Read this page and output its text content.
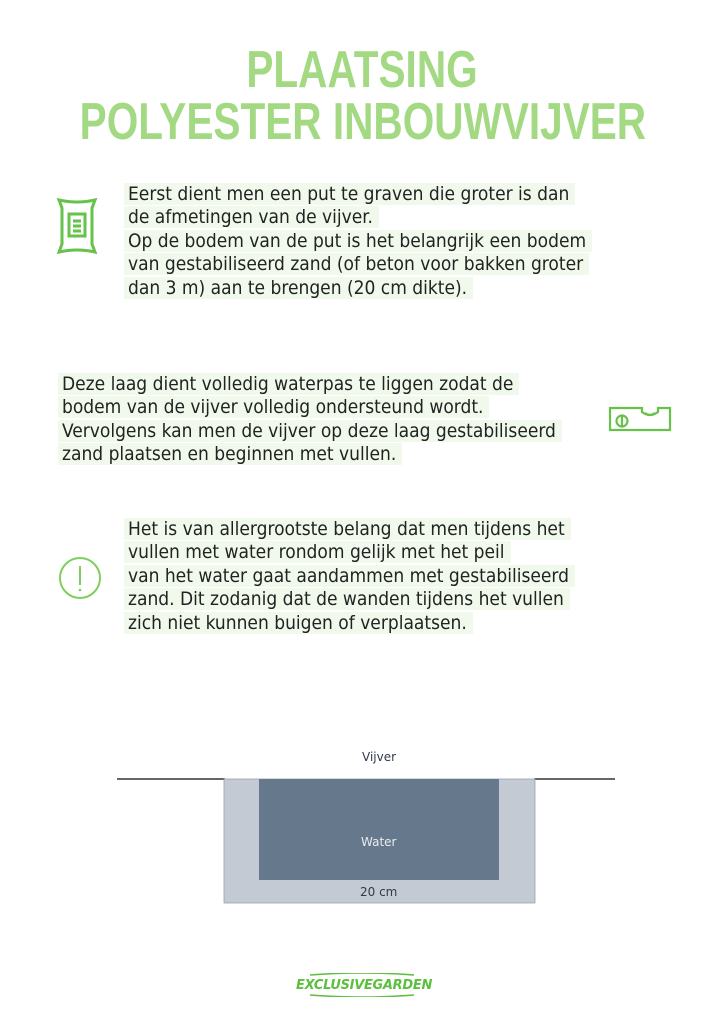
PLAATSING
POLYESTER INBOUWVIJVER
Eerst dient men een put te graven die groter is dan
de afmetingen van de vijver.
Op de bodem van de put is het belangrijk een bodem
van gestabiliseerd zand (of beton voor bakken groter
dan 3 m) aan te brengen (20 cm dikte).
Deze laag dient volledig waterpas te liggen zodat de
bodem van de vijver volledig ondersteund wordt.
Vervolgens kan men de vijver op deze laag gestabiliseerd
zand plaatsen en beginnen met vullen.
Het is van allergrootste belang dat men tijdens het
vullen met water rondom gelijk met het peil
van het water gaat aandammen met gestabiliseerd
zand. Dit zodanig dat de wanden tijdens het vullen
zich niet kunnen buigen of verplaatsen.
Vijver
Water
20 cm
EXCLUSIVEGARDEN
